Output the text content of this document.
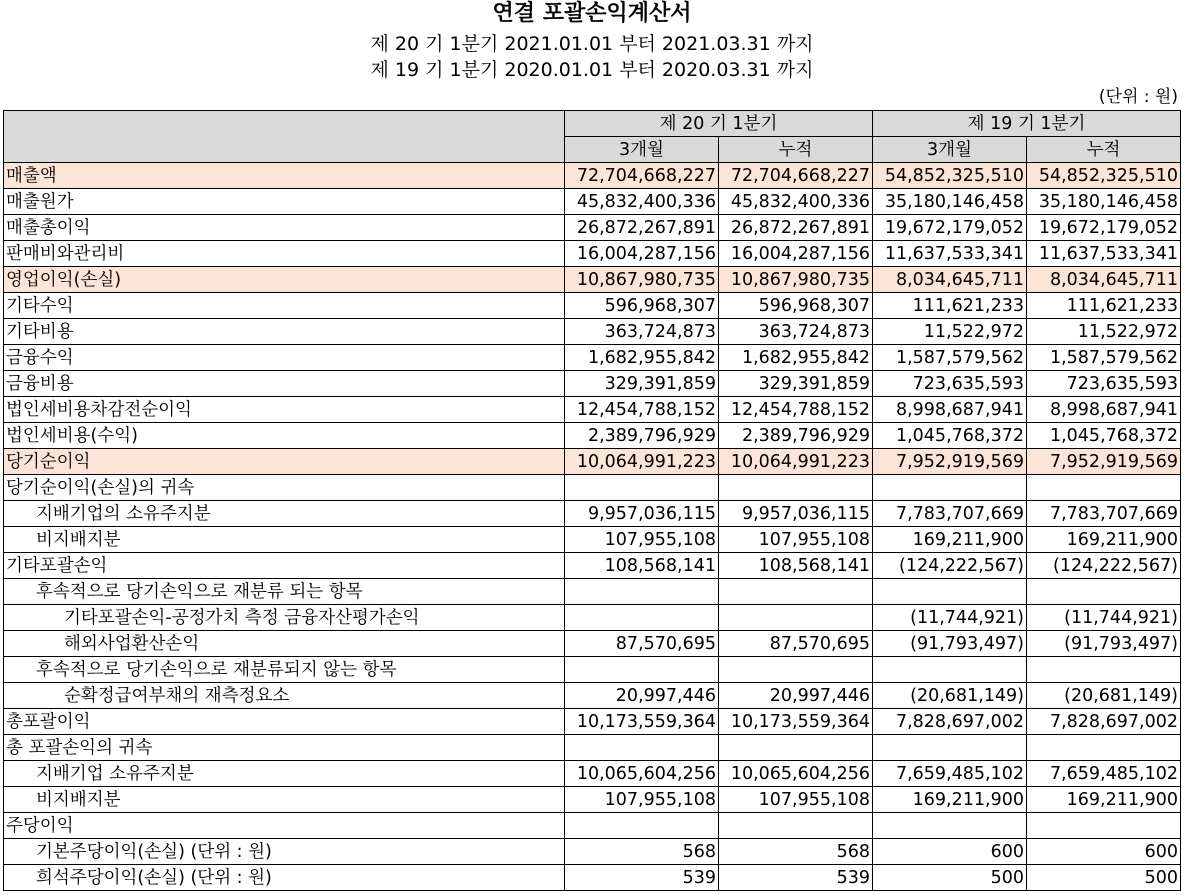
연결 포괄손익계산서
제 20 기 1분기 2021.01.01 부터 2021.03.31 까지
제 19 기 1분기 2020.01.01 부터 2020.03.31 까지
(단위 : 원)
	제 20 기 1분기		제 19 기 1분기	
	3개월	누적	3개월	누적
매출액	72,704,668,227	72,704,668,227	54,852,325,510	54,852,325,510
매출원가	45,832,400,336	45,832,400,336	35,180,146,458	35,180,146,458
매출총이익	26,872,267,891	26,872,267,891	19,672,179,052	19,672,179,052
판매비와관리비	16,004,287,156	16,004,287,156	11,637,533,341	11,637,533,341
영업이익(손실)	10,867,980,735	10,867,980,735	8,034,645,711	8,034,645,711
기타수익	596,968,307	596,968,307	111,621,233	111,621,233
기타비용	363,724,873	363,724,873	11,522,972	11,522,972
금융수익	1,682,955,842	1,682,955,842	1,587,579,562	1,587,579,562
금융비용	329,391,859	329,391,859	723,635,593	723,635,593
법인세비용차감전순이익	12,454,788,152	12,454,788,152	8,998,687,941	8,998,687,941
법인세비용(수익)	2,389,796,929	2,389,796,929	1,045,768,372	1,045,768,372
당기순이익	10,064,991,223	10,064,991,223	7,952,919,569	7,952,919,569
당기순이익(손실)의 귀속				
지배기업의 소유주지분	9,957,036,115	9,957,036,115	7,783,707,669	7,783,707,669
비지배지분	107,955,108	107,955,108	169,211,900	169,211,900
기타포괄손익	108,568,141	108,568,141	(124,222,567)	(124,222,567)
후속적으로 당기손익으로 재분류 되는 항목				
기타포괄손익-공정가치 측정 금융자산평가손익			(11,744,921)	(11,744,921)
해외사업환산손익	87,570,695	87,570,695	(91,793,497)	(91,793,497)
후속적으로 당기손익으로 재분류되지 않는 항목				
순확정급여부채의 재측정요소	20,997,446	20,997,446	(20,681,149)	(20,681,149)
총포괄이익	10,173,559,364	10,173,559,364	7,828,697,002	7,828,697,002
총 포괄손익의 귀속				
지배기업 소유주지분	10,065,604,256	10,065,604,256	7,659,485,102	7,659,485,102
비지배지분	107,955,108	107,955,108	169,211,900	169,211,900
주당이익				
기본주당이익(손실) (단위 : 원)	568	568	600	600
희석주당이익(손실) (단위 : 원)	539	539	500	500
